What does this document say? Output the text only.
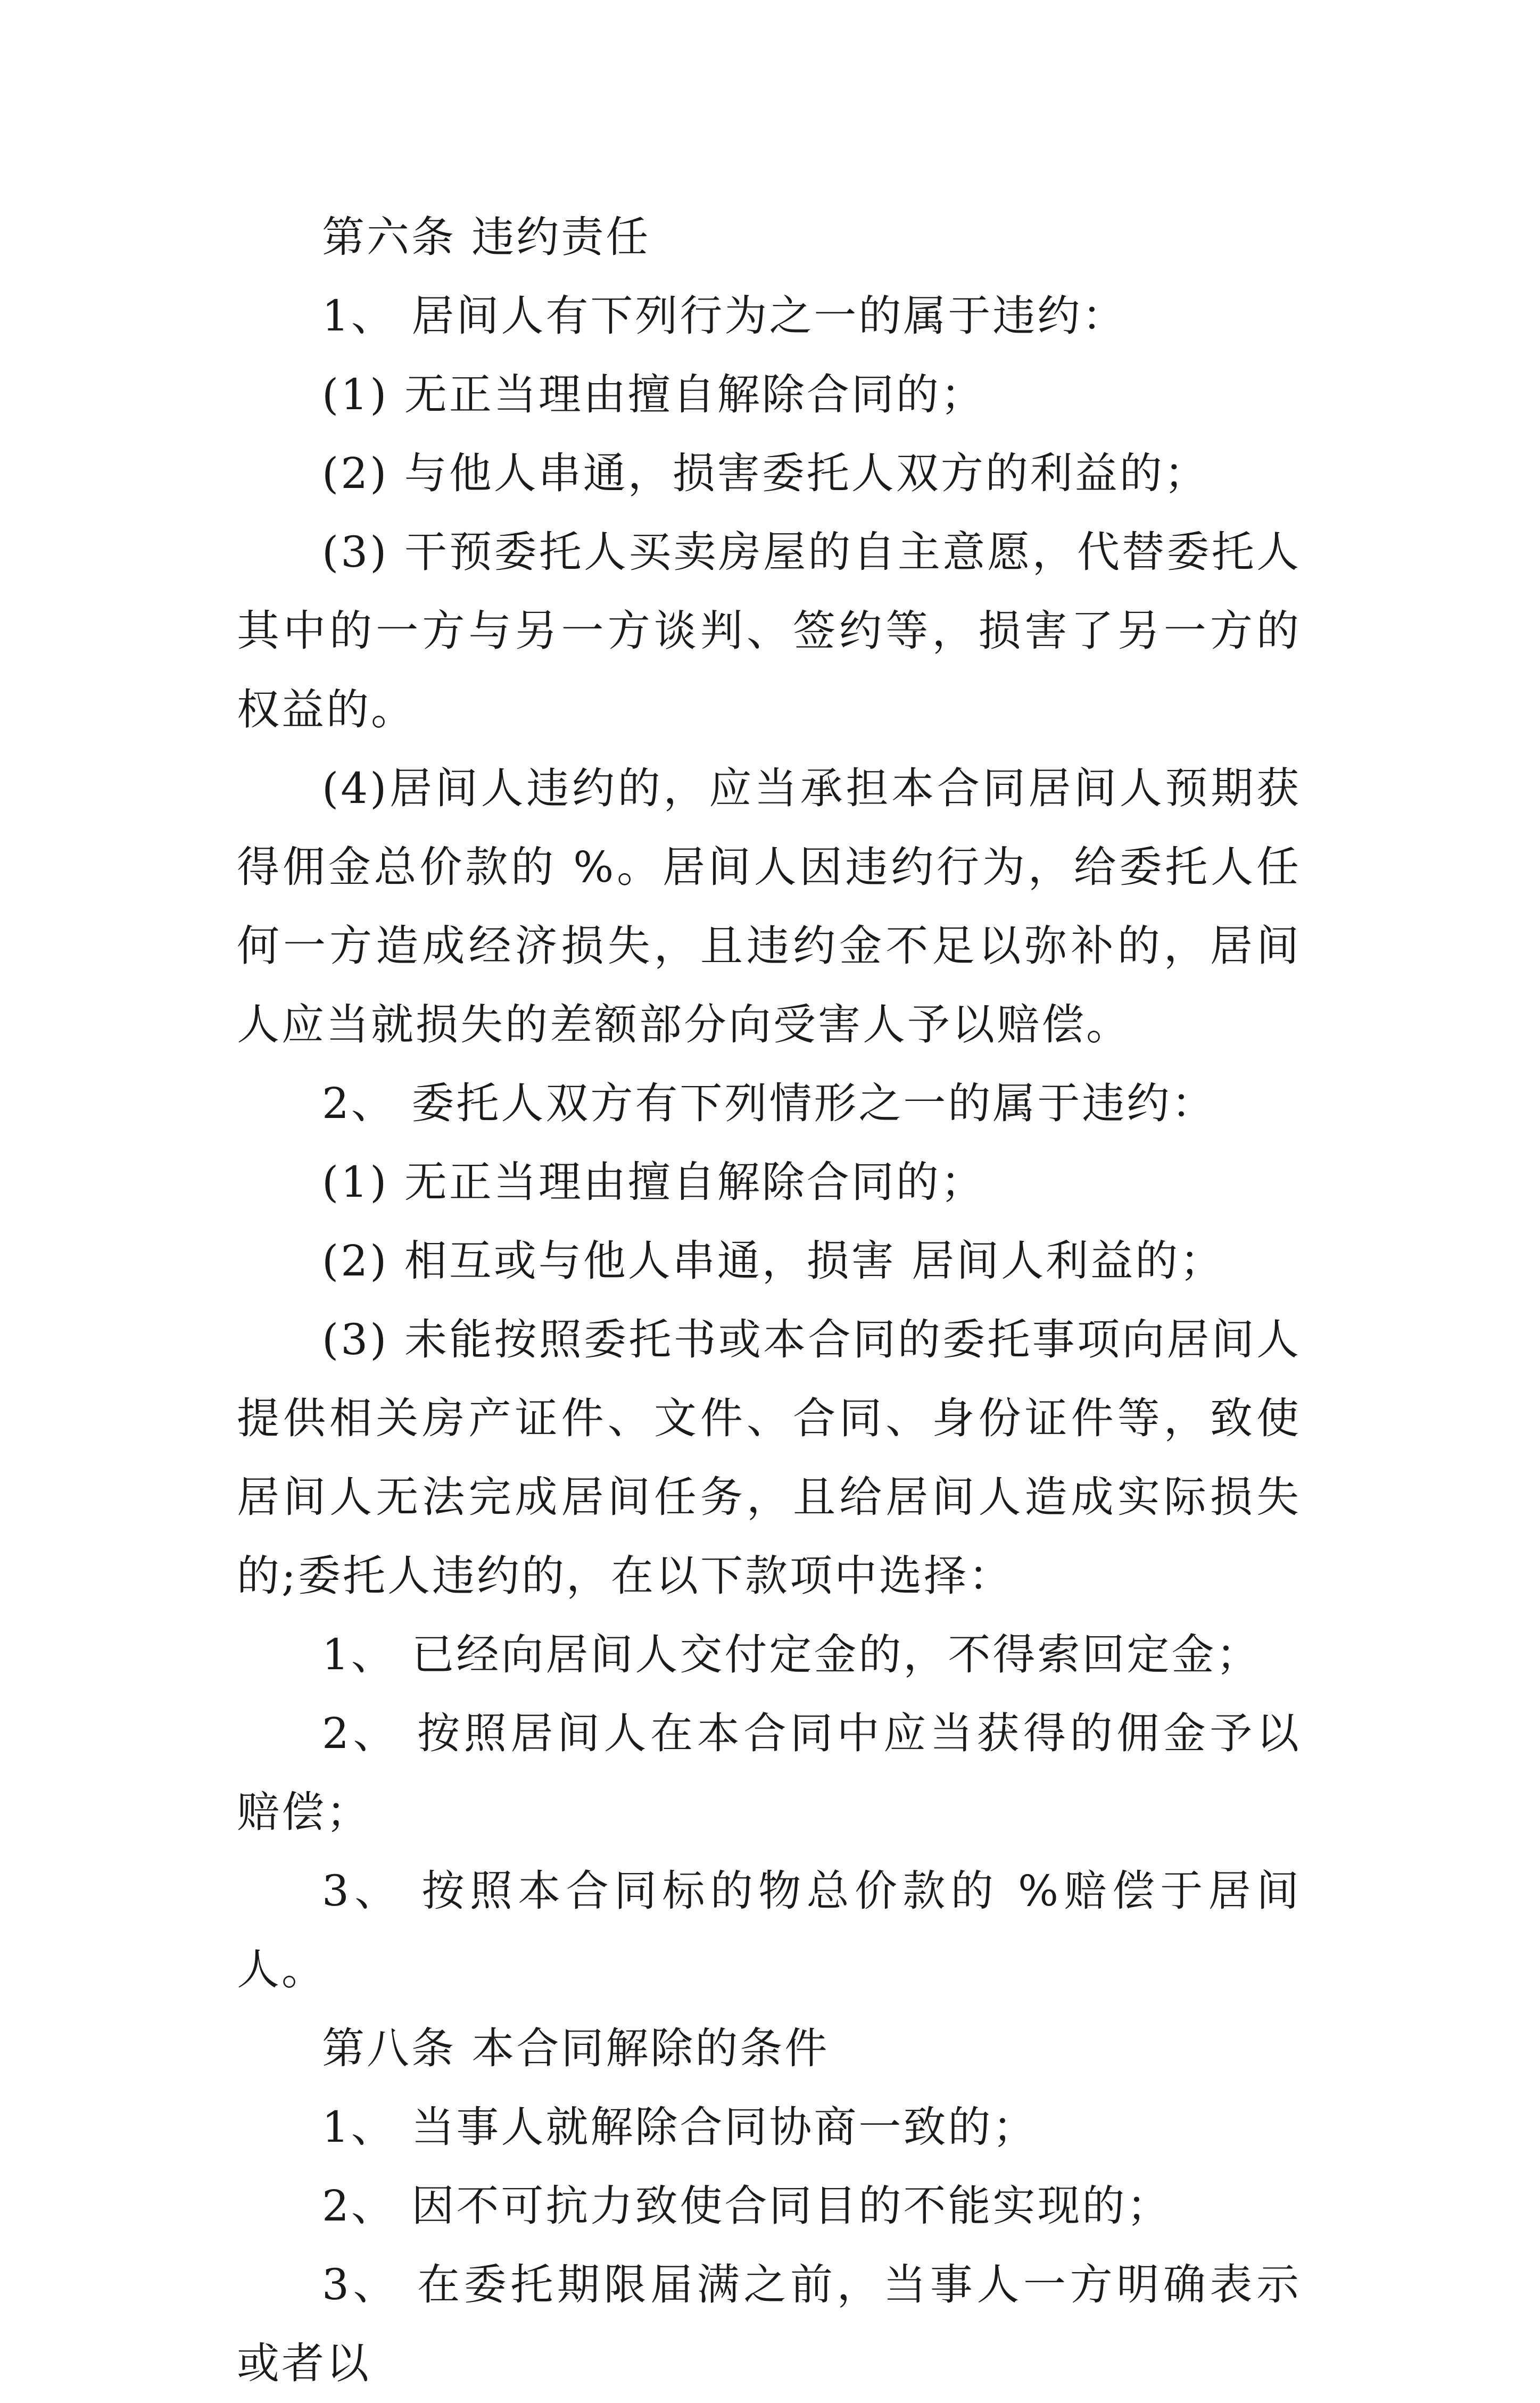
第六条 违约责任

1、 居间人有下列行为之一的属于违约：

(1) 无正当理由擅自解除合同的；

(2) 与他人串通，损害委托人双方的利益的；

(3) 干预委托人买卖房屋的自主意愿，代替委托人其中的一方与另一方谈判、签约等，损害了另一方的权益的。

(4)居间人违约的，应当承担本合同居间人预期获得佣金总价款的 %。居间人因违约行为，给委托人任何一方造成经济损失，且违约金不足以弥补的，居间人应当就损失的差额部分向受害人予以赔偿。

2、 委托人双方有下列情形之一的属于违约：

(1) 无正当理由擅自解除合同的；

(2) 相互或与他人串通，损害 居间人利益的；

(3) 未能按照委托书或本合同的委托事项向居间人提供相关房产证件、文件、合同、身份证件等，致使居间人无法完成居间任务，且给居间人造成实际损失的;委托人违约的，在以下款项中选择：

1、 已经向居间人交付定金的，不得索回定金；

2、 按照居间人在本合同中应当获得的佣金予以赔偿；

3、 按照本合同标的物总价款的 %赔偿于居间人。

第八条 本合同解除的条件

1、 当事人就解除合同协商一致的；

2、 因不可抗力致使合同目的不能实现的；

3、 在委托期限届满之前，当事人一方明确表示或者以
